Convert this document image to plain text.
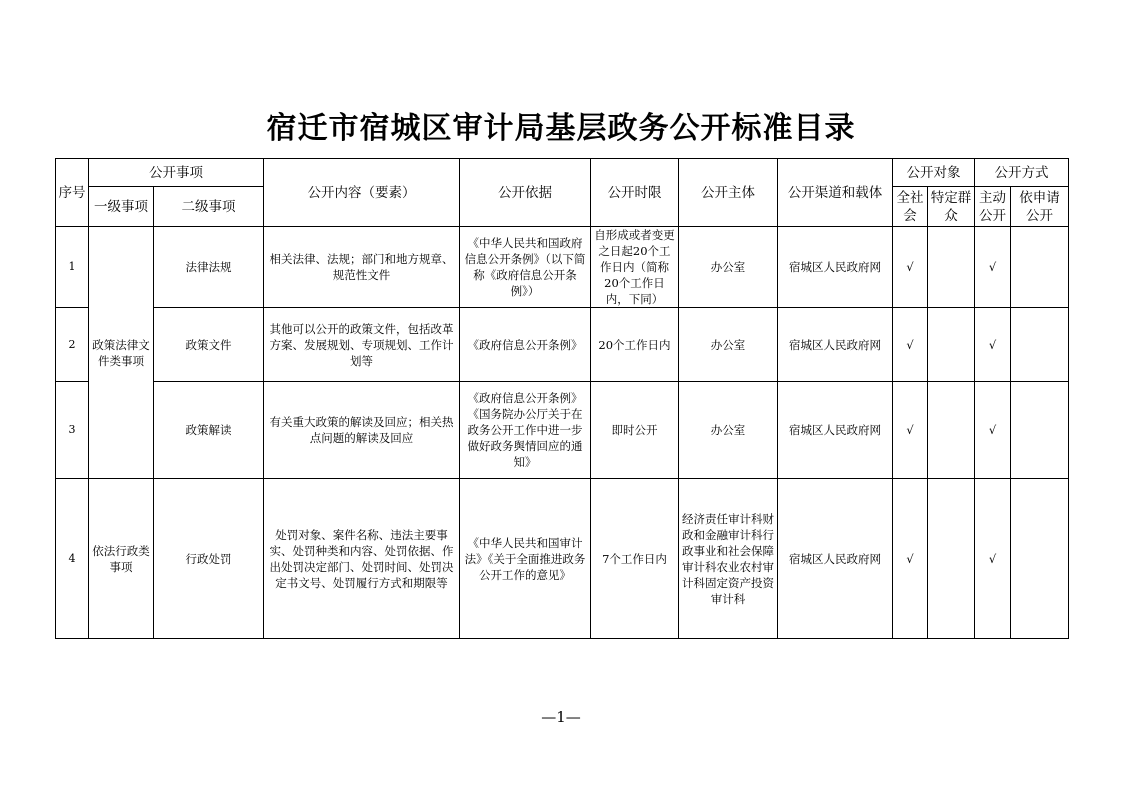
宿迁市宿城区审计局基层政务公开标准目录
序号	公开事项		公开内容（要素）	公开依据	公开时限	公开主体	公开渠道和载体	公开对象		公开方式	
	一级事项	二级事项						全社会	特定群众	主动公开	依申请公开
1	政策法律文件类事项	法律法规	相关法律、法规；部门和地方规章、规范性文件	《中华人民共和国政府信息公开条例》（以下简称《政府信息公开条例》）	自形成或者变更之日起20个工作日内（简称20个工作日内，下同）	办公室	宿城区人民政府网	√		√	
2		政策文件	其他可以公开的政策文件，包括改革方案、发展规划、专项规划、工作计划等	《政府信息公开条例》	20个工作日内	办公室	宿城区人民政府网	√		√	
3		政策解读	有关重大政策的解读及回应；相关热点问题的解读及回应	《政府信息公开条例》《国务院办公厅关于在政务公开工作中进一步做好政务舆情回应的通知》	即时公开	办公室	宿城区人民政府网	√		√	
4	依法行政类事项	行政处罚	处罚对象、案件名称、违法主要事实、处罚种类和内容、处罚依据、作出处罚决定部门、处罚时间、处罚决定书文号、处罚履行方式和期限等	《中华人民共和国审计法》《关于全面推进政务公开工作的意见》	7个工作日内	经济责任审计科财政和金融审计科行政事业和社会保障审计科农业农村审计科固定资产投资审计科	宿城区人民政府网	√		√	
—1—
